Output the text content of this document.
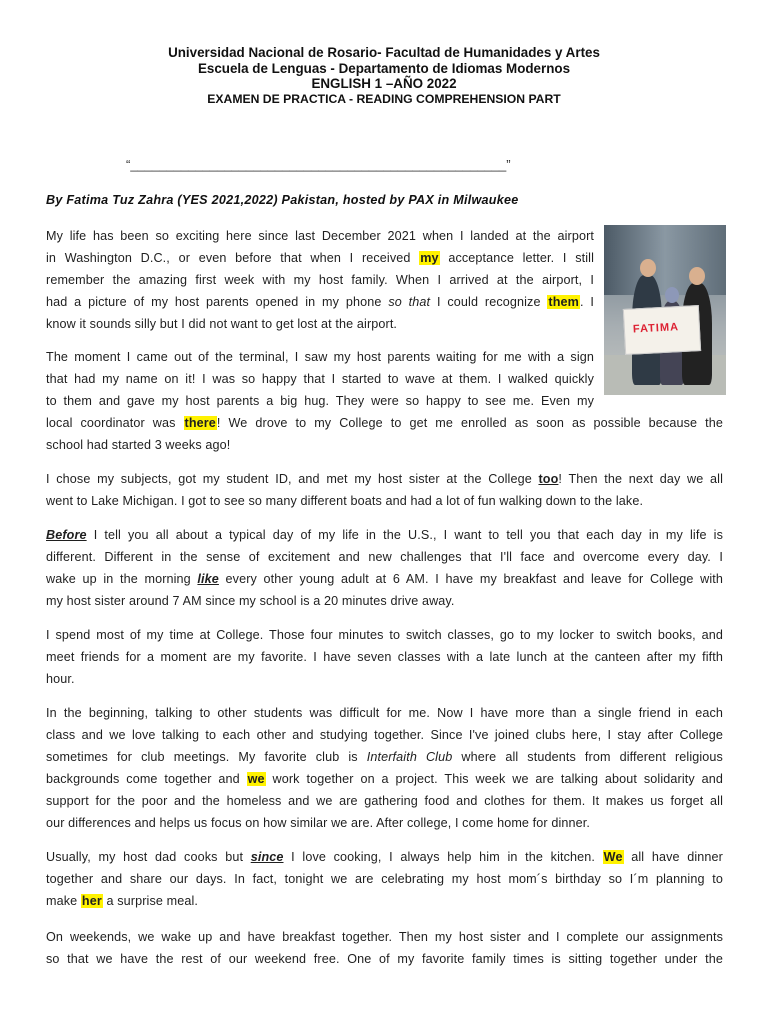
Universidad Nacional de Rosario- Facultad de Humanidades y Artes
Escuela de Lenguas - Departamento de Idiomas Modernos
ENGLISH 1 –AÑO 2022
EXAMEN DE PRACTICA - READING COMPREHENSION PART
“____________________________________________________”
By Fatima Tuz Zahra (YES 2021,2022) Pakistan, hosted by PAX in Milwaukee
FATIMA
My life has been so exciting here since last December 2021 when I landed at the airport
in Washington D.C., or even before that when I received my acceptance letter. I still
remember the amazing first week with my host family. When I arrived at the airport, I
had a picture of my host parents opened in my phone so that I could recognize them. I
know it sounds silly but I did not want to get lost at the airport.
The moment I came out of the terminal, I saw my host parents waiting for me with a sign
that had my name on it! I was so happy that I started to wave at them. I walked quickly
to them and gave my host parents a big hug. They were so happy to see me. Even my
local coordinator was there! We drove to my College to get me enrolled as soon as possible because the
school had started 3 weeks ago!
I chose my subjects, got my student ID, and met my host sister at the College too! Then the next day we all
went to Lake Michigan. I got to see so many different boats and had a lot of fun walking down to the lake.
Before I tell you all about a typical day of my life in the U.S., I want to tell you that each day in my life is
different. Different in the sense of excitement and new challenges that I'll face and overcome every day. I
wake up in the morning like every other young adult at 6 AM. I have my breakfast and leave for College with
my host sister around 7 AM since my school is a 20 minutes drive away.
I spend most of my time at College. Those four minutes to switch classes, go to my locker to switch books, and
meet friends for a moment are my favorite. I have seven classes with a late lunch at the canteen after my fifth
hour.
In the beginning, talking to other students was difficult for me. Now I have more than a single friend in each
class and we love talking to each other and studying together. Since I've joined clubs here, I stay after College
sometimes for club meetings. My favorite club is Interfaith Club where all students from different religious
backgrounds come together and we work together on a project. This week we are talking about solidarity and
support for the poor and the homeless and we are gathering food and clothes for them. It makes us forget all
our differences and helps us focus on how similar we are. After college, I come home for dinner.
Usually, my host dad cooks but since I love cooking, I always help him in the kitchen. We all have dinner
together and share our days. In fact, tonight we are celebrating my host mom´s birthday so I´m planning to
make her a surprise meal.
On weekends, we wake up and have breakfast together. Then my host sister and I complete our assignments
so that we have the rest of our weekend free. One of my favorite family times is sitting together under the
